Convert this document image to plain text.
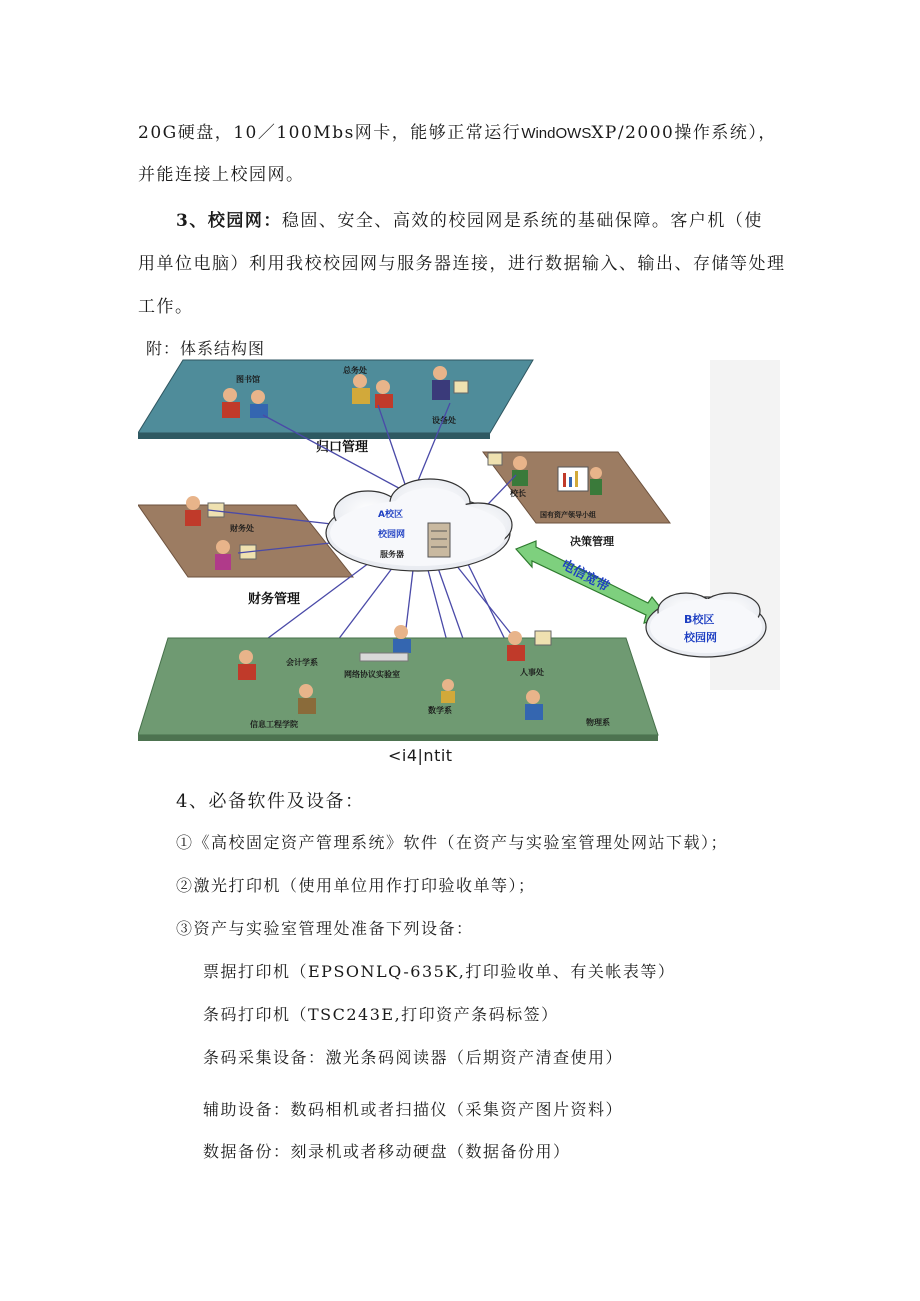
20G硬盘，10／100Mbs网卡，能够正常运行WindOWSXP/2000操作系统），
并能连接上校园网。
3、校园网：稳固、安全、高效的校园网是系统的基础保障。客户机（使
用单位电脑）利用我校校园网与服务器连接，进行数据输入、输出、存储等处理
工作。
附：体系结构图
图书馆
总务处
设备处
归口管理
校长
国有资产领导小组
决策管理
财务处
财务管理
会计学系
网络协议实验室	人事处
数学系
物理系
信息工程学院
A校区
校园网
服务器
电信宽带
B校区
校园网
<i4|ntit
4、必备软件及设备：
①《高校固定资产管理系统》软件（在资产与实验室管理处网站下载）；
②激光打印机（使用单位用作打印验收单等）；
③资产与实验室管理处准备下列设备：
票据打印机（EPSONLQ-635K,打印验收单、有关帐表等）
条码打印机（TSC243E,打印资产条码标签）
条码采集设备：激光条码阅读器（后期资产清查使用）
辅助设备：数码相机或者扫描仪（采集资产图片资料）
数据备份：刻录机或者移动硬盘（数据备份用）
